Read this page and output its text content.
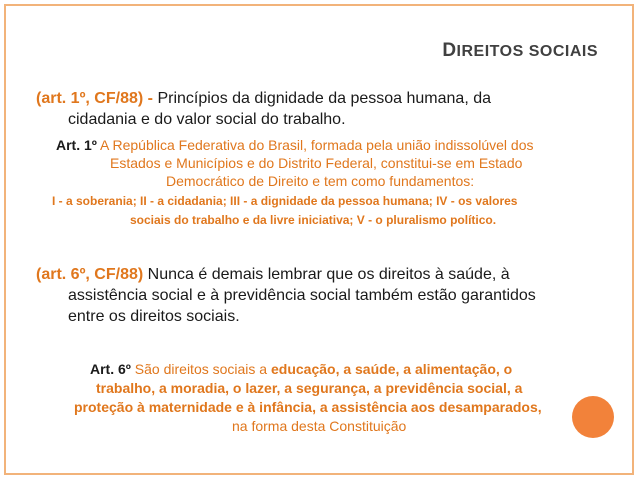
DIREITOS SOCIAIS
(art. 1º, CF/88) - Princípios da dignidade da pessoa humana, da
cidadania e do valor social do trabalho.
Art. 1º A República Federativa do Brasil, formada pela união indissolúvel dos
Estados e Municípios e do Distrito Federal, constitui-se em Estado
Democrático de Direito e tem como fundamentos:
I - a soberania; II - a cidadania; III - a dignidade da pessoa humana; IV - os valores
sociais do trabalho e da livre iniciativa; V - o pluralismo político.
(art. 6º, CF/88) Nunca é demais lembrar que os direitos à saúde, à
assistência social e à previdência social também estão garantidos
entre os direitos sociais.
Art. 6º São direitos sociais a educação, a saúde, a alimentação, o
trabalho, a moradia, o lazer, a segurança, a previdência social, a
proteção à maternidade e à infância, a assistência aos desamparados,
na forma desta Constituição
